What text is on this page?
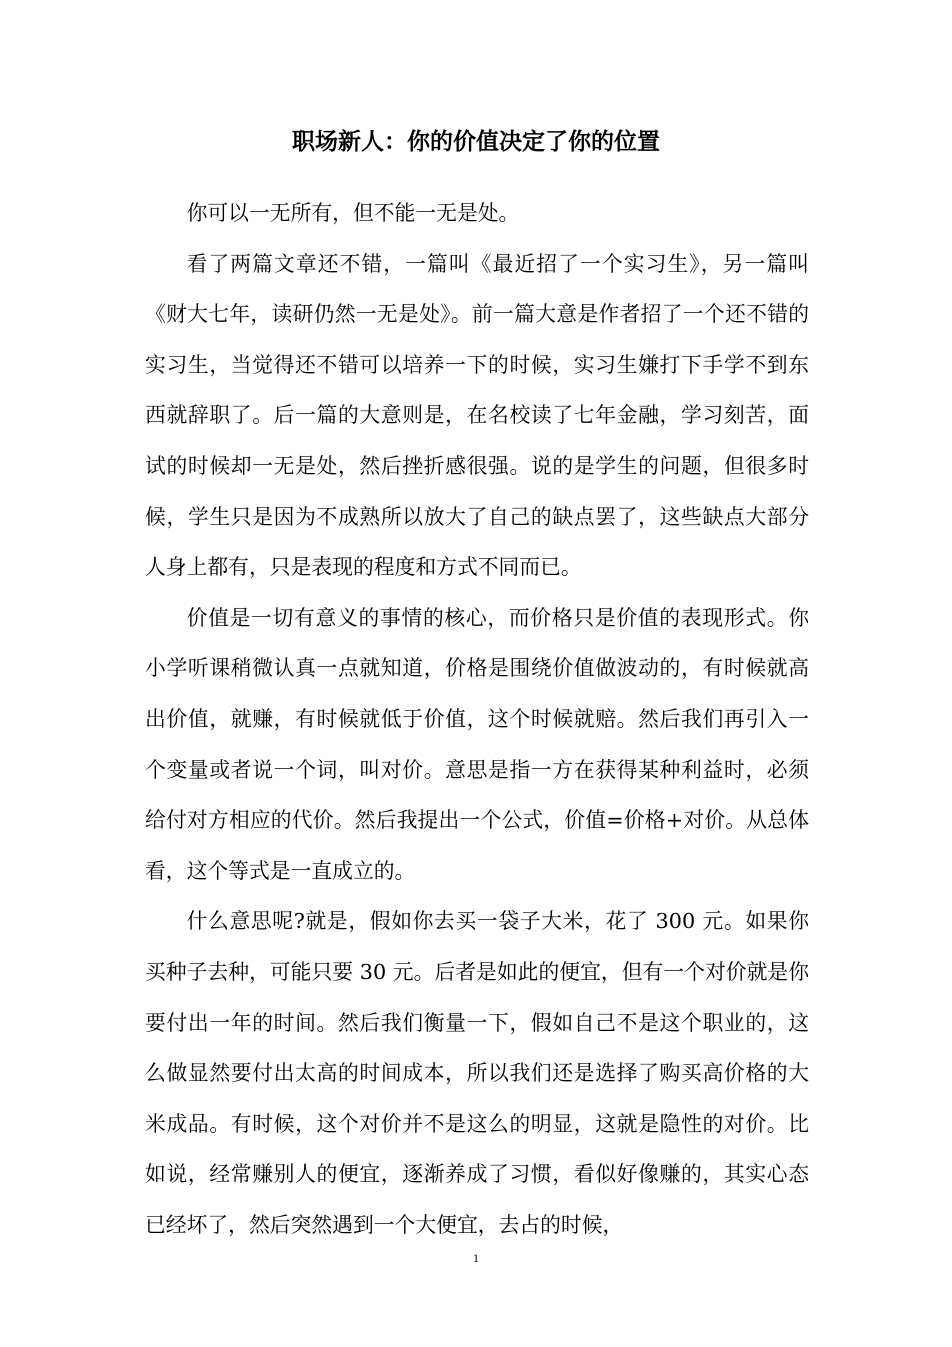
职场新人：你的价值决定了你的位置

你可以一无所有，但不能一无是处。

看了两篇文章还不错，一篇叫《最近招了一个实习生》，另一篇叫《财大七年，读研仍然一无是处》。前一篇大意是作者招了一个还不错的实习生，当觉得还不错可以培养一下的时候，实习生嫌打下手学不到东西就辞职了。后一篇的大意则是，在名校读了七年金融，学习刻苦，面试的时候却一无是处，然后挫折感很强。说的是学生的问题，但很多时候，学生只是因为不成熟所以放大了自己的缺点罢了，这些缺点大部分人身上都有，只是表现的程度和方式不同而已。

价值是一切有意义的事情的核心，而价格只是价值的表现形式。你小学听课稍微认真一点就知道，价格是围绕价值做波动的，有时候就高出价值，就赚，有时候就低于价值，这个时候就赔。然后我们再引入一个变量或者说一个词，叫对价。意思是指一方在获得某种利益时，必须给付对方相应的代价。然后我提出一个公式，价值=价格+对价。从总体看，这个等式是一直成立的。

什么意思呢?就是，假如你去买一袋子大米，花了 300 元。如果你买种子去种，可能只要 30 元。后者是如此的便宜，但有一个对价就是你要付出一年的时间。然后我们衡量一下，假如自己不是这个职业的，这么做显然要付出太高的时间成本，所以我们还是选择了购买高价格的大米成品。有时候，这个对价并不是这么的明显，这就是隐性的对价。比如说，经常赚别人的便宜，逐渐养成了习惯，看似好像赚的，其实心态已经坏了，然后突然遇到一个大便宜，去占的时候，

1
